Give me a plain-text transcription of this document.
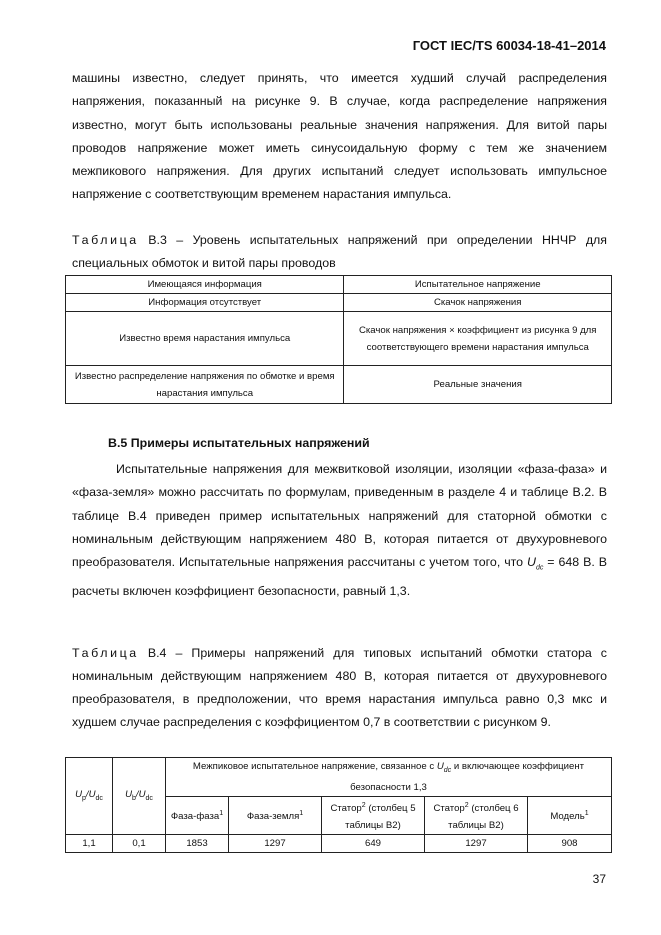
ГОСТ IEC/TS 60034-18-41–2014

машины известно, следует принять, что имеется худший случай распределения напряжения, показанный на рисунке 9. В случае, когда распределение напряжения известно, могут быть использованы реальные значения напряжения. Для витой пары проводов напряжение может иметь синусоидальную форму с тем же значением межпикового напряжения. Для других испытаний следует использовать импульсное напряжение с соответствующим временем нарастания импульса.

Таблица В.3 – Уровень испытательных напряжений при определении ННЧР для специальных обмоток и витой пары проводов

Имеющаяся информация	Испытательное напряжение
Информация отсутствует	Скачок напряжения
Известно время нарастания импульса	Скачок напряжения × коэффициент из рисунка 9 для соответствующего времени нарастания импульса
Известно распределение напряжения по обмотке и время нарастания импульса	Реальные значения
В.5 Примеры испытательных напряжений

Испытательные напряжения для межвитковой изоляции, изоляции «фаза-фаза» и «фаза-земля» можно рассчитать по формулам, приведенным в разделе 4 и таблице В.2. В таблице В.4 приведен пример испытательных напряжений для статорной обмотки с номинальным действующим напряжением 480 В, которая питается от двухуровневого преобразователя. Испытательные напряжения рассчитаны с учетом того, что $U_{dc} = 648$ В. В расчеты включен коэффициент безопасности, равный 1,3.

Таблица В.4 – Примеры напряжений для типовых испытаний обмотки статора с номинальным действующим напряжением 480 В, которая питается от двухуровневого преобразователя, в предположении, что время нарастания импульса равно 0,3 мкс и худшем случае распределения с коэффициентом 0,7 в соответствии с рисунком 9.

$U_p/U_{dc}$	$U_b/U_{dc}$	Межпиковое испытательное напряжение, связанное с $U_{dc}$ и включающее коэффициент безопасности 1,3				
		Фаза-фаза$^1$	Фаза-земля$^1$	Статор$^2$ (столбец 5 таблицы В2)	Статор$^2$ (столбец 6 таблицы В2)	Модель$^1$
1,1	0,1	1853	1297	649	1297	908
37
